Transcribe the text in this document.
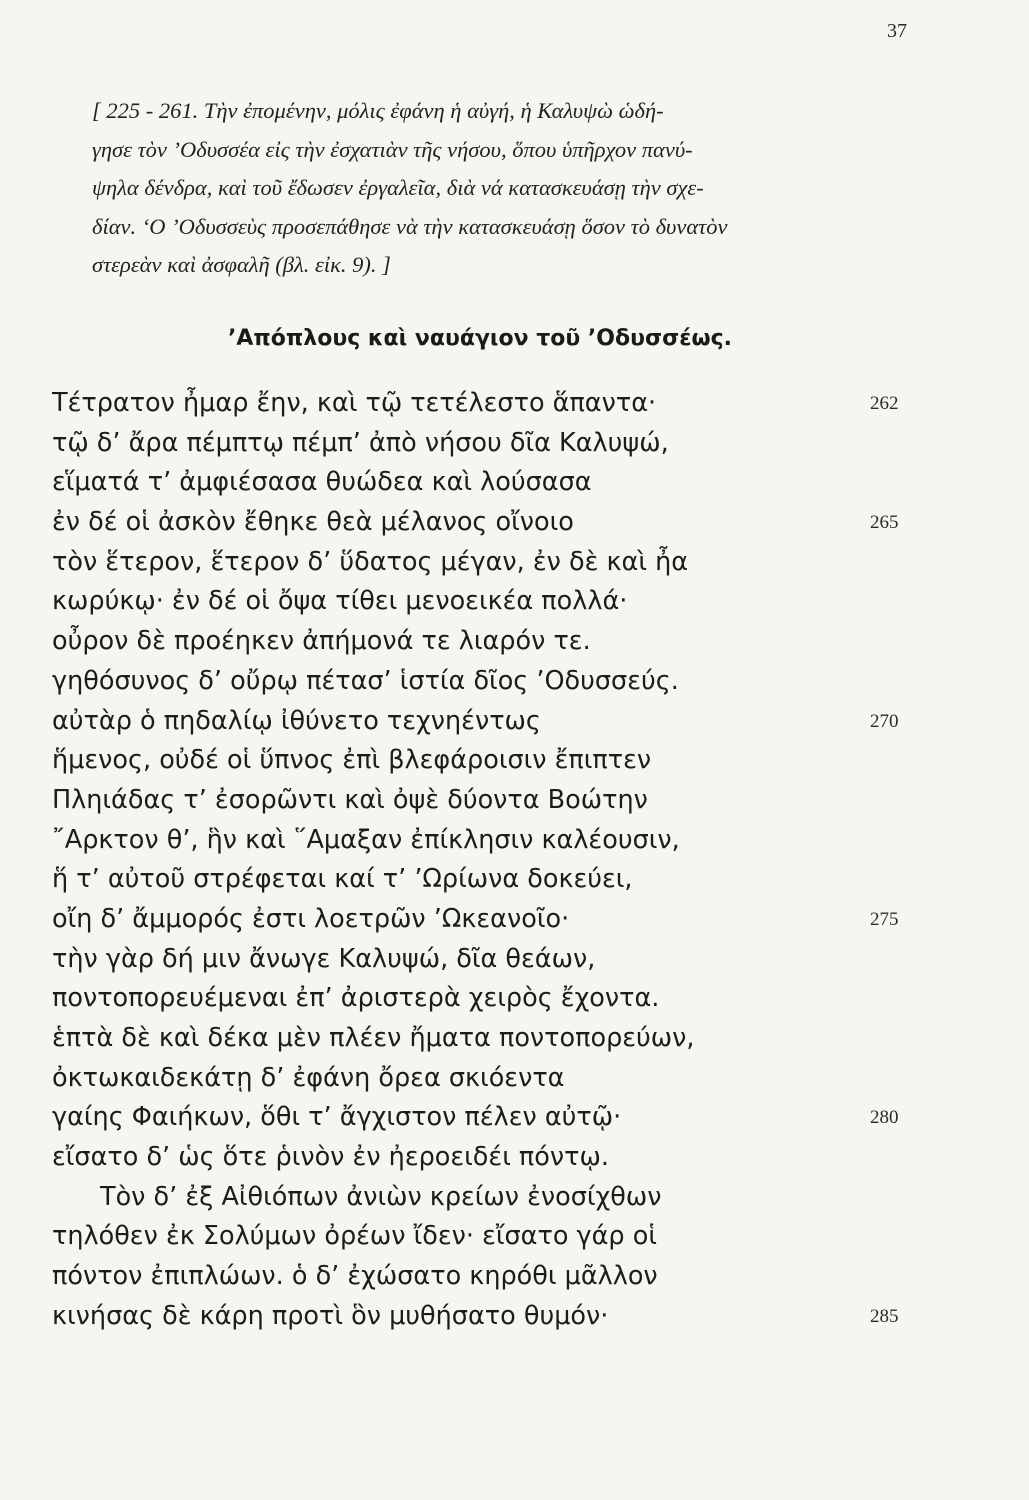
37

[ 225 - 261. Τὴν ἐπομένην, μόλις ἐφάνη ἡ αὐγή, ἡ Καλυψὼ ὡδή-

γησε τὸν ’Οδυσσέα εἰς τὴν ἐσχατιὰν τῆς νήσου, ὅπου ὑπῆρχον πανύ-

ψηλα δένδρα, καὶ τοῦ ἔδωσεν ἐργαλεῖα, διὰ νά κατασκευάσῃ τὴν σχε-

δίαν. ‘Ο ’Οδυσσεὺς προσεπάθησε νὰ τὴν κατασκευάσῃ ὅσον τὸ δυνατὸν

στερεὰν καὶ ἀσφαλῆ (βλ. εἰκ. 9). ]

’Απόπλους καὶ ναυάγιον τοῦ ’Οδυσσέως.
Τέτρατον ἦμαρ ἔην, καὶ τῷ τετέλεστο ἅπαντα·	262
τῷ δ’ ἄρα πέμπτῳ πέμπ’ ἀπὸ νήσου δῖα Καλυψώ,
εἵματά τ’ ἀμφιέσασα θυώδεα καὶ λούσασα
ἐν δέ οἱ ἀσκὸν ἔθηκε θεὰ μέλανος οἴνοιο	265
τὸν ἕτερον, ἕτερον δ’ ὕδατος μέγαν, ἐν δὲ καὶ ἦα
κωρύκῳ· ἐν δέ οἱ ὄψα τίθει μενοεικέα πολλά·
οὖρον δὲ προέηκεν ἀπήμονά τε λιαρόν τε.
γηθόσυνος δ’ οὔρῳ πέτασ’ ἱστία δῖος ’Οδυσσεύς.
αὐτὰρ ὁ πηδαλίῳ ἰθύνετο τεχνηέντως	270
ἥμενος, οὐδέ οἱ ὕπνος ἐπὶ βλεφάροισιν ἔπιπτεν
Πληιάδας τ’ ἐσορῶντι καὶ ὀψὲ δύοντα Βοώτην
῎Αρκτον θ’, ἣν καὶ ῞Αμαξαν ἐπίκλησιν καλέουσιν,
ἥ τ’ αὐτοῦ στρέφεται καί τ’ ’Ωρίωνα δοκεύει,
οἴη δ’ ἄμμορός ἐστι λοετρῶν ’Ωκεανοῖο·	275
τὴν γὰρ δή μιν ἄνωγε Καλυψώ, δῖα θεάων,
ποντοπορευέμεναι ἐπ’ ἀριστερὰ χειρὸς ἔχοντα.
ἑπτὰ δὲ καὶ δέκα μὲν πλέεν ἤματα ποντοπορεύων,
ὀκτωκαιδεκάτῃ δ’ ἐφάνη ὄρεα σκιόεντα
γαίης Φαιήκων, ὅθι τ’ ἄγχιστον πέλεν αὐτῷ·	280
εἴσατο δ’ ὡς ὅτε ῥινὸν ἐν ἠεροειδέι πόντῳ.
Τὸν δ’ ἐξ Αἰθιόπων ἀνιὼν κρείων ἐνοσίχθων
τηλόθεν ἐκ Σολύμων ὀρέων ἴδεν· εἴσατο γάρ οἱ
πόντον ἐπιπλώων. ὁ δ’ ἐχώσατο κηρόθι μᾶλλον
κινήσας δὲ κάρη προτὶ ὃν μυθήσατο θυμόν·	285
